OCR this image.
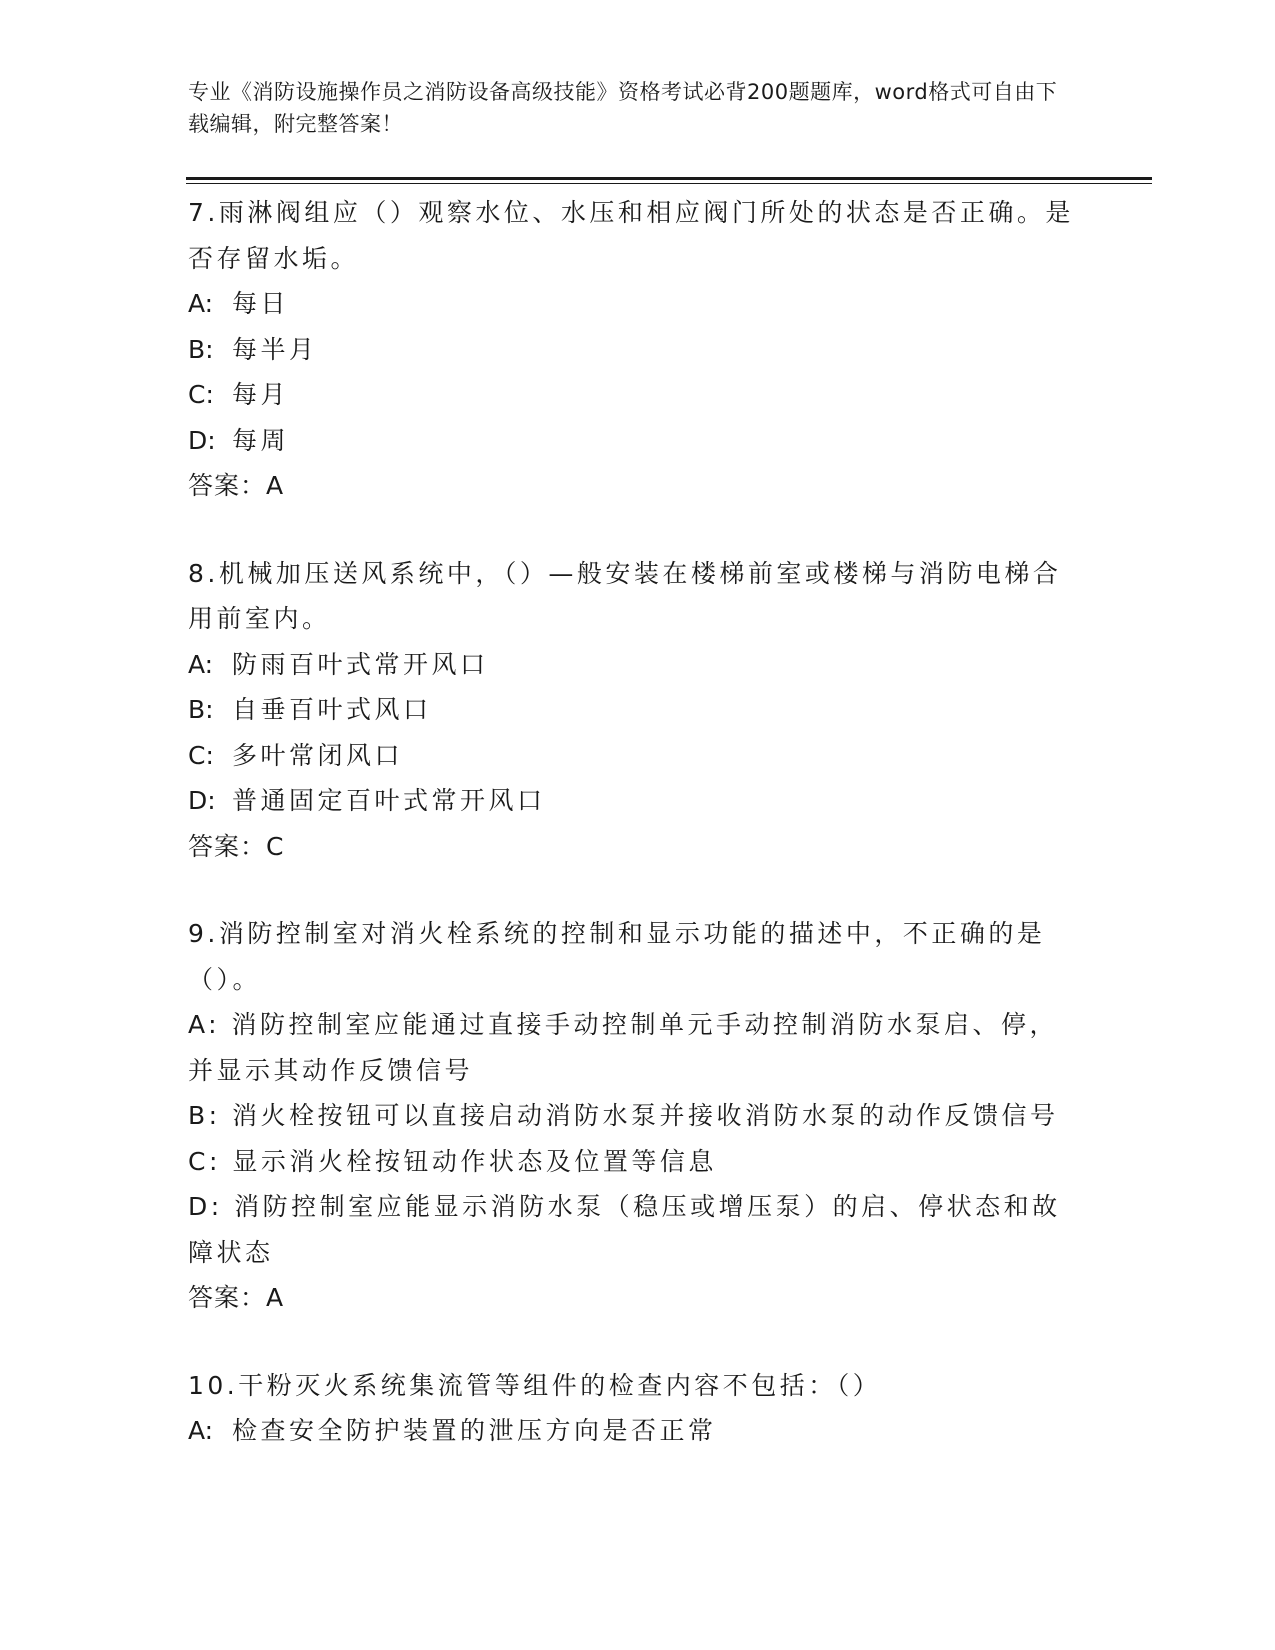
专业《消防设施操作员之消防设备高级技能》资格考试必背200题题库，word格式可自由下载编辑，附完整答案！

7.雨淋阀组应（）观察水位、水压和相应阀门所处的状态是否正确。是否存留水垢。

A: 每日
B: 每半月
C: 每月
D: 每周
答案：A

8.机械加压送风系统中，（）—般安装在楼梯前室或楼梯与消防电梯合用前室内。

A: 防雨百叶式常开风口
B: 自垂百叶式风口
C: 多叶常闭风口
D: 普通固定百叶式常开风口
答案：C

9.消防控制室对消火栓系统的控制和显示功能的描述中，不正确的是（）。

A: 消防控制室应能通过直接手动控制单元手动控制消防水泵启、停，并显示其动作反馈信号

B: 消火栓按钮可以直接启动消防水泵并接收消防水泵的动作反馈信号

C: 显示消火栓按钮动作状态及位置等信息

D: 消防控制室应能显示消防水泵（稳压或增压泵）的启、停状态和故障状态

答案：A

10.干粉灭火系统集流管等组件的检查内容不包括：（）

A: 检查安全防护装置的泄压方向是否正常
